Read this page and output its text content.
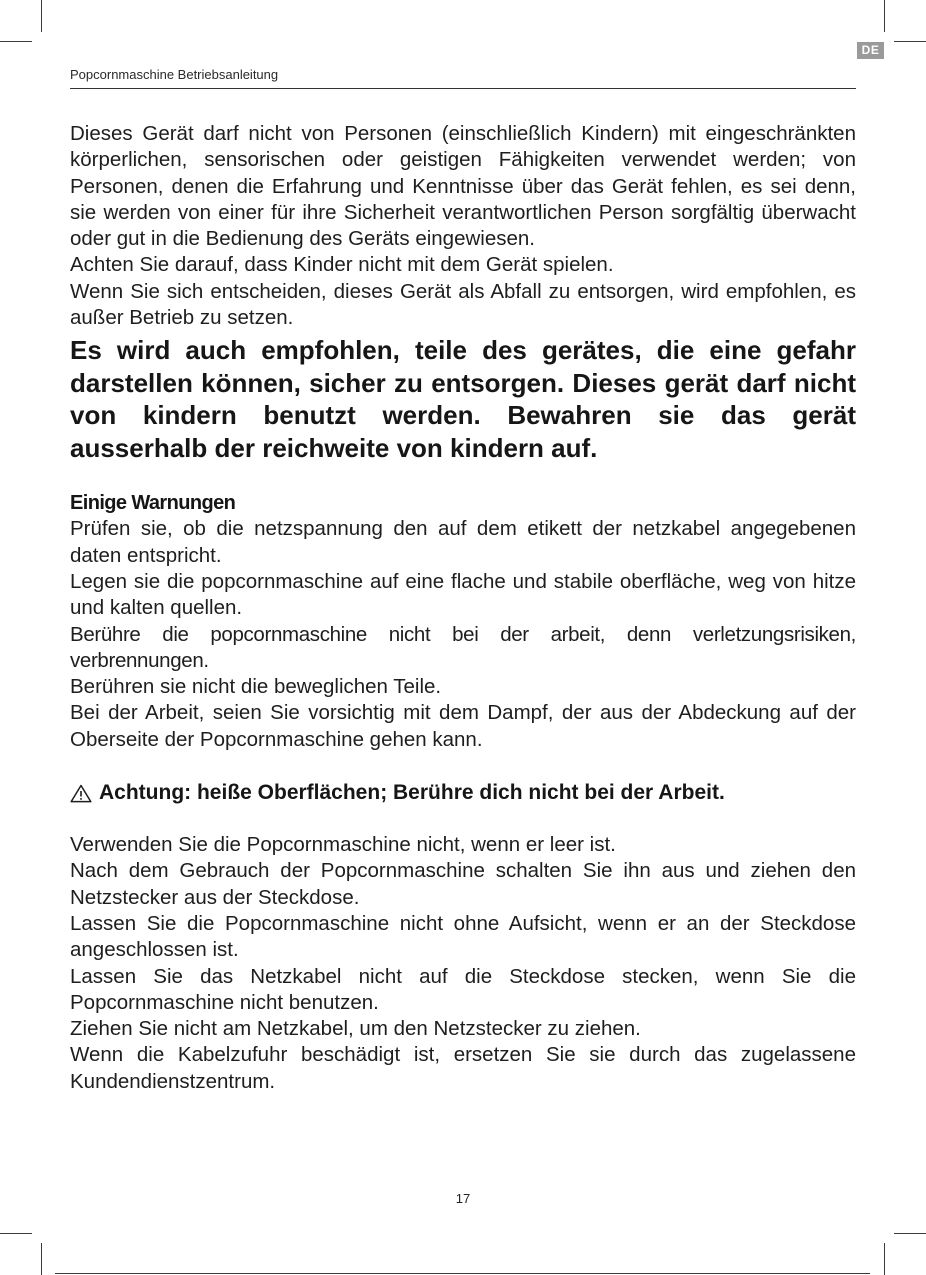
DE
Popcornmaschine Betriebsanleitung

Dieses Gerät darf nicht von Personen (einschließlich Kindern) mit eingeschränkten körperlichen, sensorischen oder geistigen Fähigkeiten verwendet werden; von Personen, denen die Erfahrung und Kenntnisse über das Gerät fehlen, es sei denn, sie werden von einer für ihre Sicherheit verantwortlichen Person sorgfältig überwacht oder gut in die Bedienung des Geräts eingewiesen.

Achten Sie darauf, dass Kinder nicht mit dem Gerät spielen.

Wenn Sie sich entscheiden, dieses Gerät als Abfall zu entsorgen, wird empfohlen, es außer Betrieb zu setzen.

Es wird auch empfohlen, teile des gerätes, die eine gefahr darstellen können, sicher zu entsorgen. Dieses gerät darf nicht von kindern benutzt werden. Bewahren sie das gerät ausserhalb der reichweite von kindern auf.

Einige Warnungen

Prüfen sie, ob die netzspannung den auf dem etikett der netzkabel angegebenen daten entspricht.

Legen sie die popcornmaschine auf eine flache und stabile oberfläche, weg von hitze und kalten quellen.

Berühre die popcornmaschine nicht bei der arbeit, denn verletzungsrisiken, verbrennungen.

Berühren sie nicht die beweglichen Teile.

Bei der Arbeit, seien Sie vorsichtig mit dem Dampf, der aus der Abdeckung auf der Oberseite der Popcornmaschine gehen kann.

Achtung: heiße Oberflächen; Berühre dich nicht bei der Arbeit.

Verwenden Sie die Popcornmaschine nicht, wenn er leer ist.

Nach dem Gebrauch der Popcornmaschine schalten Sie ihn aus und ziehen den Netzstecker aus der Steckdose.

Lassen Sie die Popcornmaschine nicht ohne Aufsicht, wenn er an der Steckdose angeschlossen ist.

Lassen Sie das Netzkabel nicht auf die Steckdose stecken, wenn Sie die Popcornmaschine nicht benutzen.

Ziehen Sie nicht am Netzkabel, um den Netzstecker zu ziehen.

Wenn die Kabelzufuhr beschädigt ist, ersetzen Sie sie durch das zugelassene Kundendienstzentrum.

17
